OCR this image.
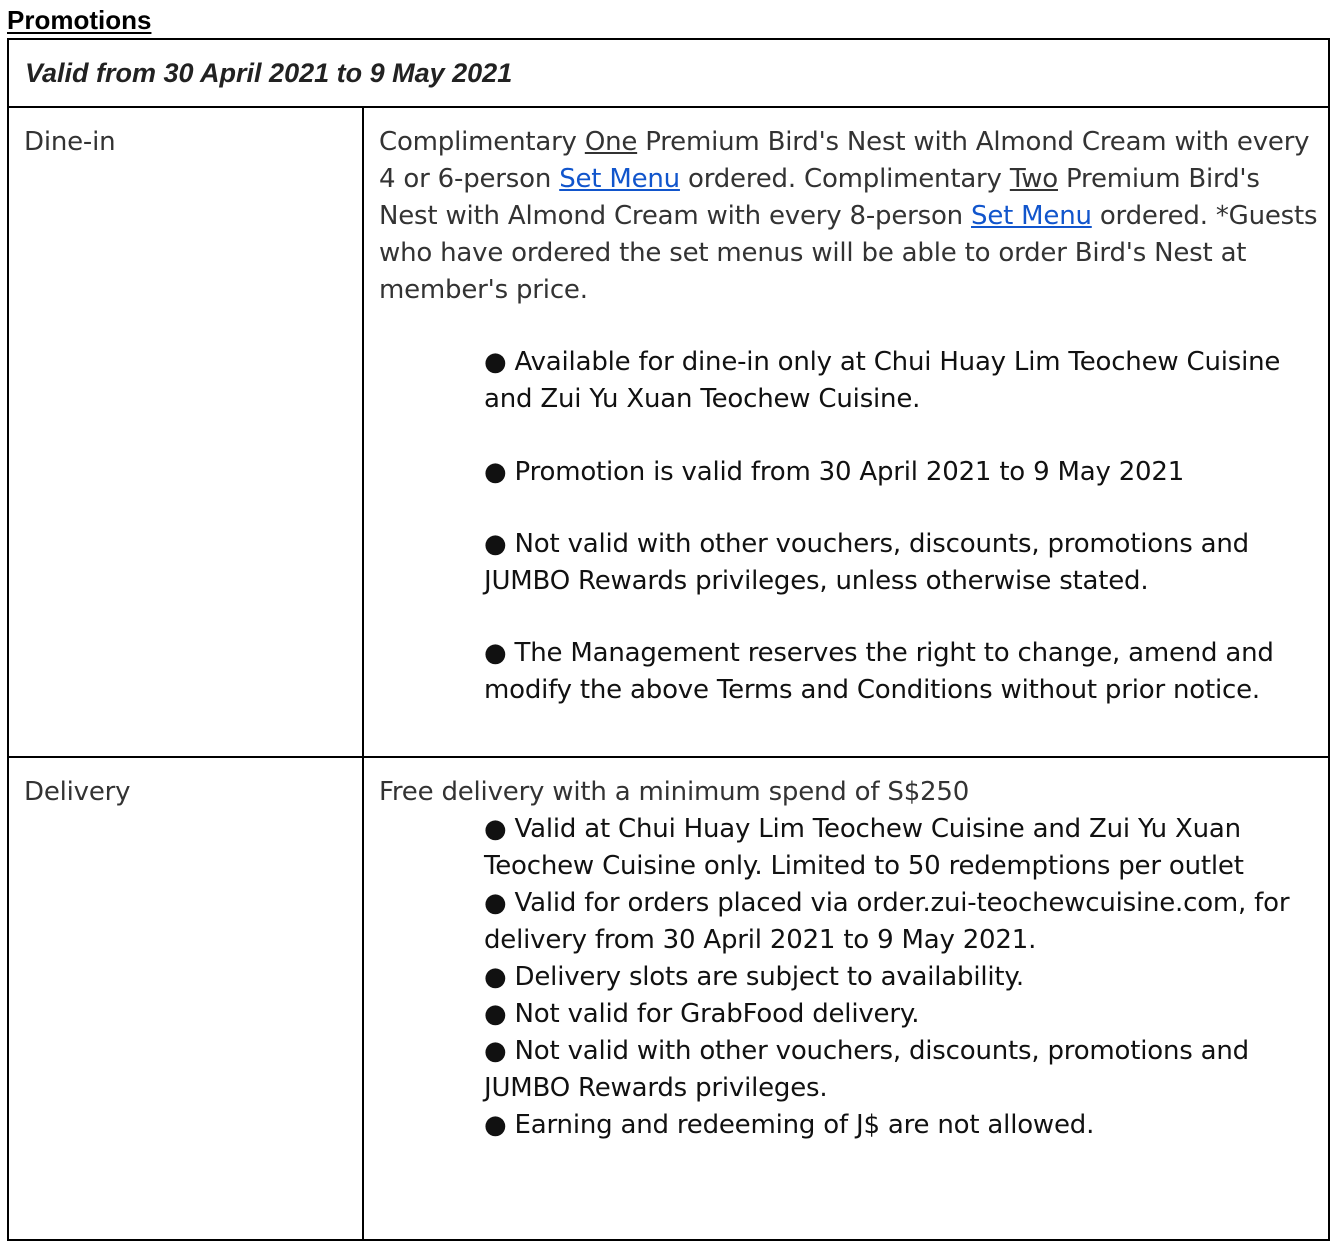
Promotions
Valid from 30 April 2021 to 9 May 2021
Dine-in	Complimentary One Premium Bird's Nest with Almond Cream with every 4 or 6-person Set Menu ordered. Complimentary Two Premium Bird's Nest with Almond Cream with every 8-person Set Menu ordered. *Guests who have ordered the set menus will be able to order Bird's Nest at member's price.
● Available for dine-in only at Chui Huay Lim Teochew Cuisine and Zui Yu Xuan Teochew Cuisine.
● Promotion is valid from 30 April 2021 to 9 May 2021
● Not valid with other vouchers, discounts, promotions and JUMBO Rewards privileges, unless otherwise stated.
● The Management reserves the right to change, amend and modify the above Terms and Conditions without prior notice.
Delivery	Free delivery with a minimum spend of S$250
● Valid at Chui Huay Lim Teochew Cuisine and Zui Yu Xuan Teochew Cuisine only. Limited to 50 redemptions per outlet
● Valid for orders placed via order.zui-teochewcuisine.com, for delivery from 30 April 2021 to 9 May 2021.
● Delivery slots are subject to availability.
● Not valid for GrabFood delivery.
● Not valid with other vouchers, discounts, promotions and JUMBO Rewards privileges.
● Earning and redeeming of J$ are not allowed.
